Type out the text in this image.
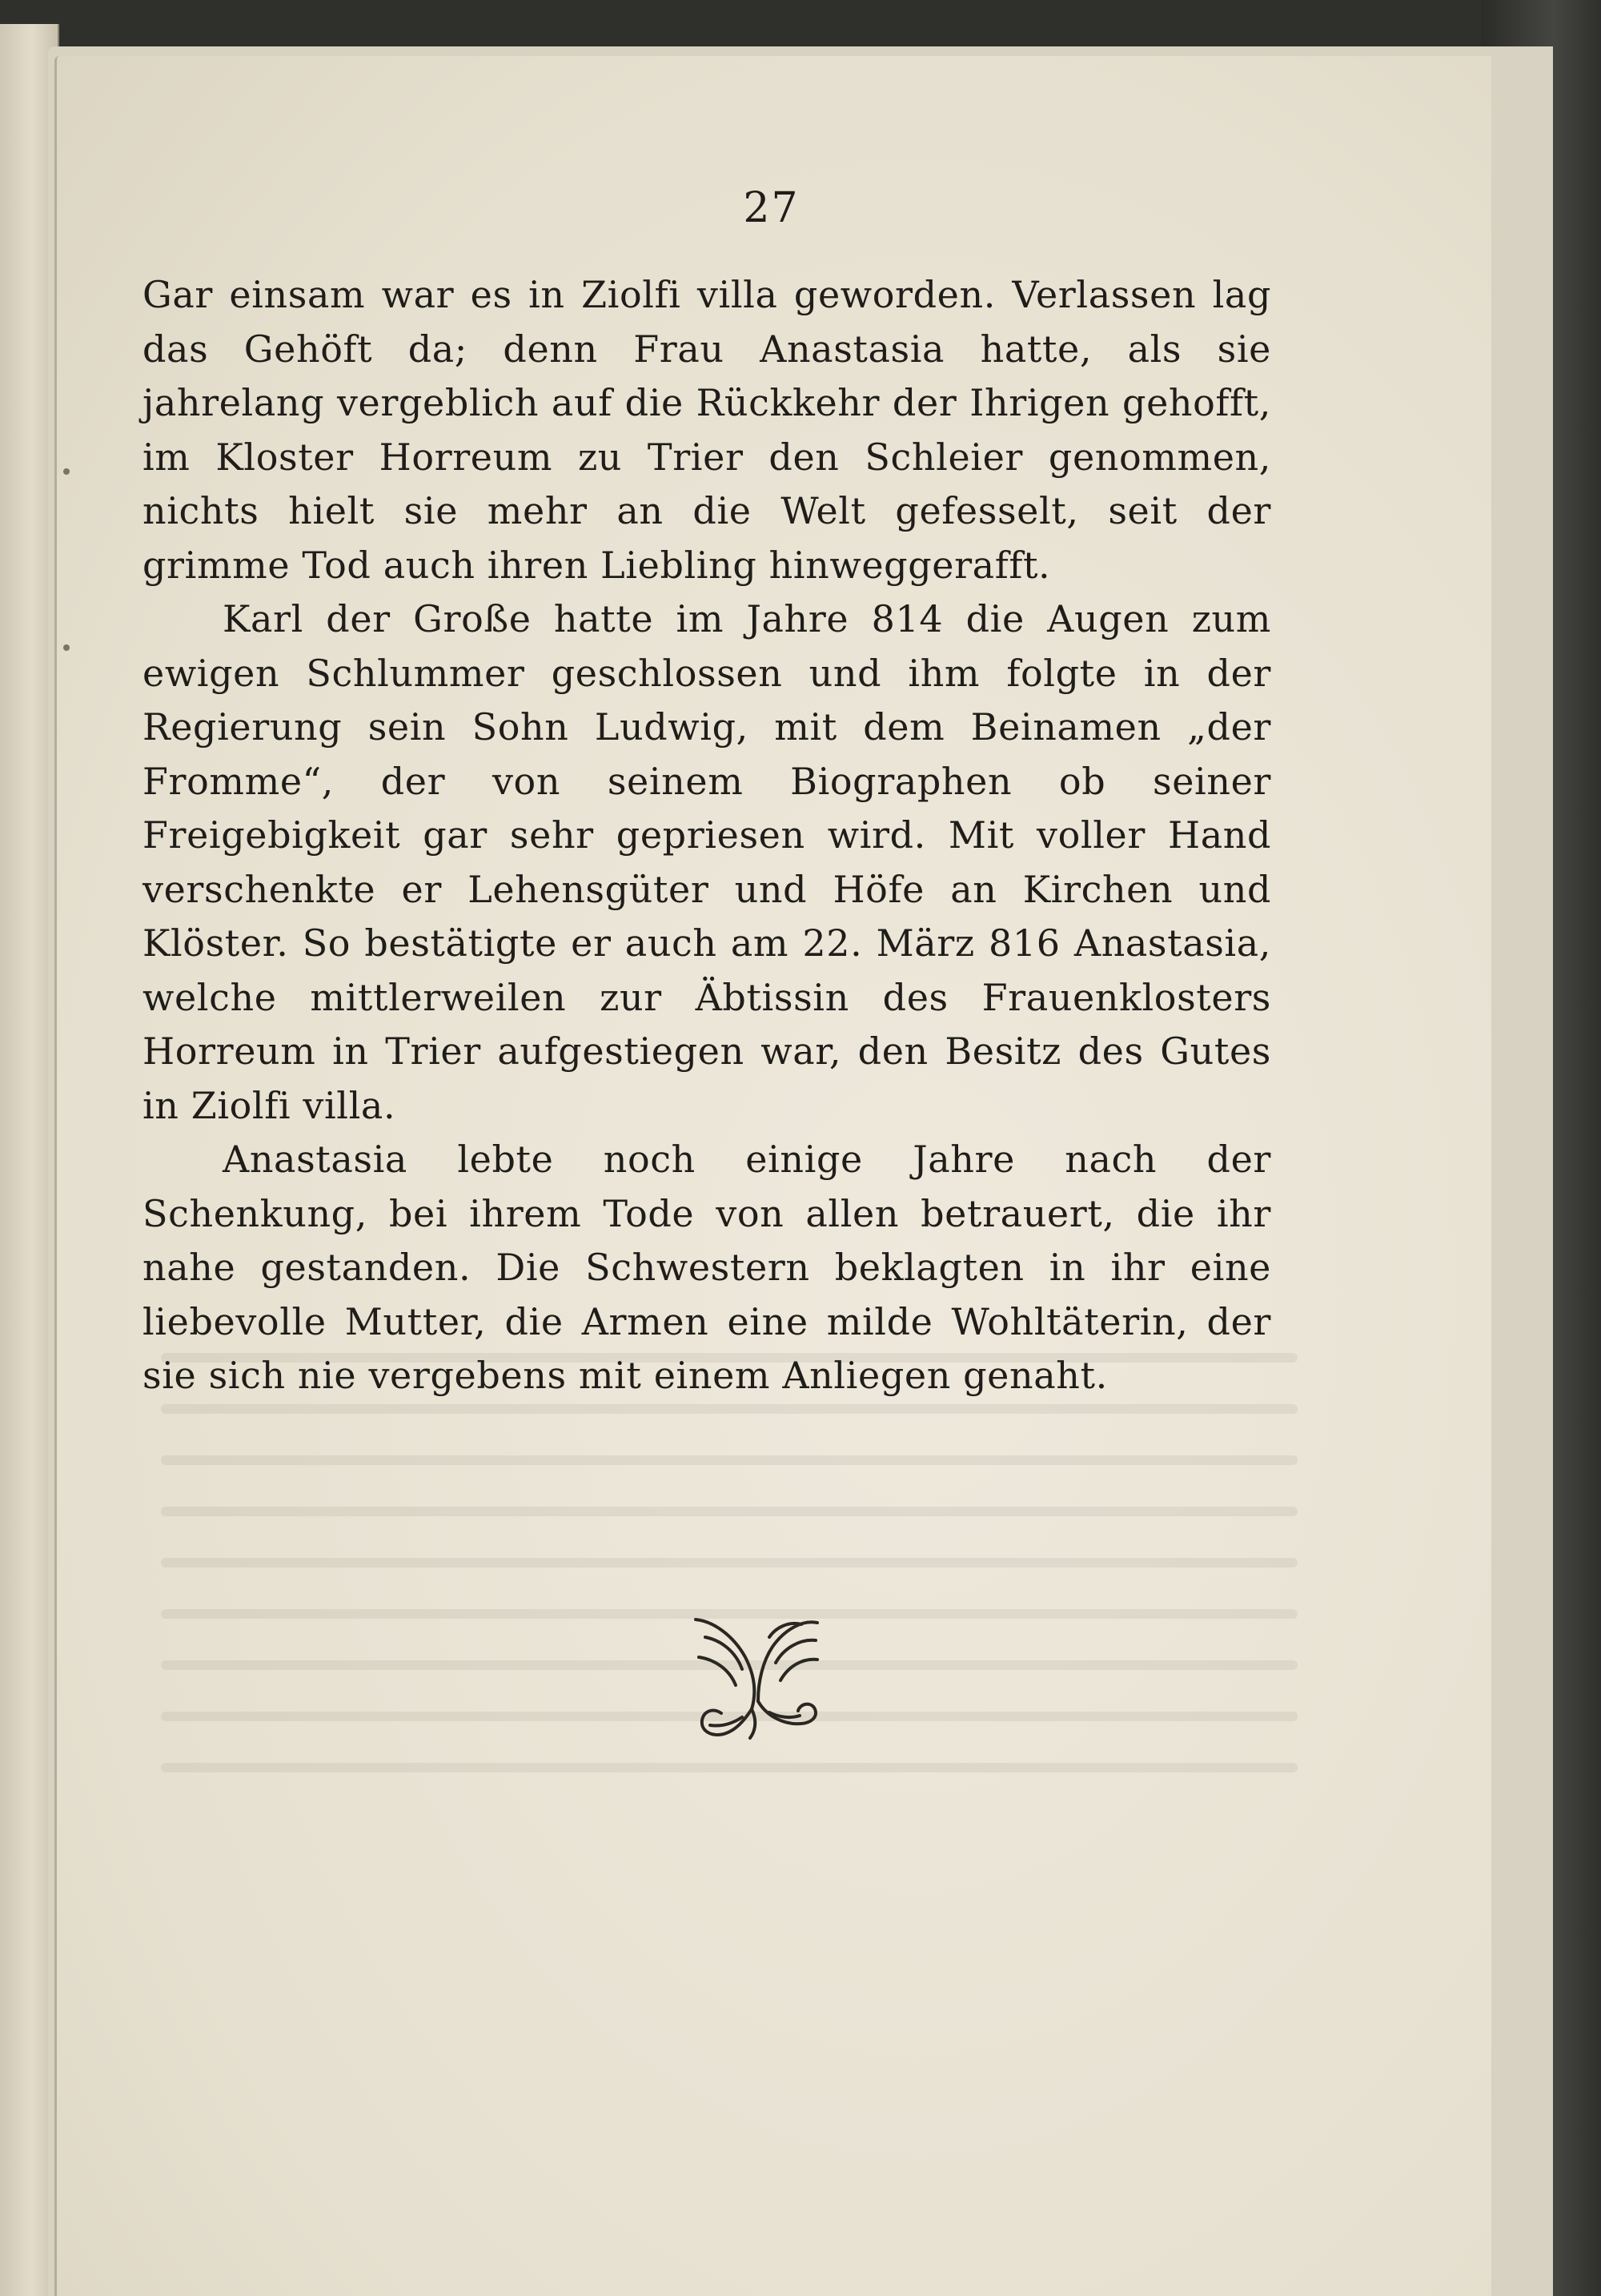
27

Gar einsam war es in Ziolfi villa geworden. Verlassen lag das Gehöft da; denn Frau Anastasia hatte, als sie jahrelang vergeblich auf die Rückkehr der Ihrigen gehofft, im Kloster Horreum zu Trier den Schleier genommen, nichts hielt sie mehr an die Welt gefesselt, seit der grimme Tod auch ihren Liebling hinweggerafft.

Karl der Große hatte im Jahre 814 die Augen zum ewigen Schlummer geschlossen und ihm folgte in der Regierung sein Sohn Ludwig, mit dem Beinamen „der Fromme“, der von seinem Biographen ob seiner Freigebigkeit gar sehr gepriesen wird. Mit voller Hand verschenkte er Lehensgüter und Höfe an Kirchen und Klöster. So bestätigte er auch am 22. März 816 Anastasia, welche mittlerweilen zur Äbtissin des Frauenklosters Horreum in Trier aufgestiegen war, den Besitz des Gutes in Ziolfi villa.

Anastasia lebte noch einige Jahre nach der Schenkung, bei ihrem Tode von allen betrauert, die ihr nahe gestanden. Die Schwestern beklagten in ihr eine liebevolle Mutter, die Armen eine milde Wohltäterin, der sie sich nie vergebens mit einem Anliegen genaht.
